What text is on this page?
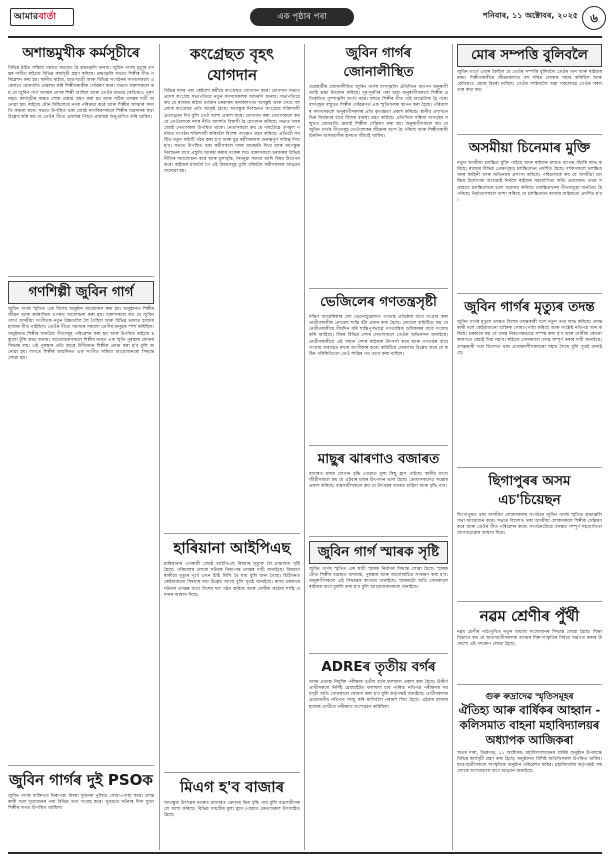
আমারবার্তা	এক পৃষ্ঠাৰ পৰা	শনিবাৰ, ১১ অক্টোবৰ, ২০২৫	৬
অশান্তমুখীক কৰ্মসূচীৰে

বিভিন্ন ঠাইত সন্ধিয়া সময়ত সমবেত হৈ শ্ৰদ্ধাঞ্জলি জনায়। জুবিন গাৰ্গৰ মৃত্যুৰ তদন্তৰ দাবীত ৰাইজে বিভিন্ন কাৰ্যসূচী গ্ৰহণ কৰিছে। শ্ৰদ্ধাঞ্জলি সভাত শিল্পীৰ গীত পৰিৱেশন কৰা হয়। স্থানীয় ৰাইজ, ছাত্ৰ-ছাত্ৰী আৰু বিভিন্ন সংগঠনৰ সদস্যসকলে একেলগে মোমবাতি প্ৰজ্বলন কৰি শিল্পীগৰাকীক সোঁৱৰণ কৰে। সভাত বক্তাসকলে কয় যে জুবিন গাৰ্গ অসমৰ প্ৰাণৰ শিল্পী আছিল আৰু তেওঁৰ অভাৱ কেতিয়াও পূৰণ নহয়। কাৰ্যসূচীৰ অন্তত শোক প্ৰস্তাৱ গ্ৰহণ কৰা হয় আৰু সঠিক তদন্তৰ দাবী জনোৱা হয়। ৰাইজে মৌন মিছিলেৰে নগৰ পৰিক্ৰমা কৰে আৰু শিল্পীৰ আত্মাৰ সদ্গতি কামনা কৰে। সভাত উপস্থিত থকা জ্যেষ্ঠ নাগৰিকসকলে শিল্পীৰ অৱদানৰ কথা উল্লেখ কৰি কয় যে তেওঁৰ গীতে প্ৰজন্মৰ পিছত প্ৰজন্মক অনুপ্ৰাণিত কৰি থাকিব।

গণশিল্পী জুবিন গাৰ্গ

জুবিন গাৰ্গৰ স্মৃতিত এক বিশেষ অনুষ্ঠান আয়োজন কৰা হয়। অনুষ্ঠানত শিল্পীৰ জীৱন আৰু কৰ্মৰাজিৰ ওপৰত আলোচনা কৰা হয়। বক্তাসকলে কয় যে জুবিন গাৰ্গে অসমীয়া সংগীতক নতুন উচ্চতালৈ লৈ গৈছিল আৰু বিভিন্ন ভাষাত হাজাৰ হাজাৰ গীত গাইছিল। তেওঁৰ গীতে সমাজৰ সকলো শ্ৰেণীৰ মানুহক স্পৰ্শ কৰিছিল। অনুষ্ঠানত শিল্পীৰ জনপ্ৰিয় গীতসমূহ পৰিৱেশন কৰা হয় আৰু উপস্থিত ৰাইজে চকুলো টুকি শ্ৰদ্ধা জনায়। আয়োজকসকলে শিল্পীৰ নামত এক স্মৃতি পুৰস্কাৰ প্ৰদানৰ সিদ্ধান্ত লয়। এই পুৰস্কাৰ প্ৰতি বছৰে উদীয়মান শিল্পীক প্ৰদান কৰা হ'ব বুলি জনোৱা হয়। লগতে শিল্পীৰ জন্মদিনত এক সংগীত সন্ধিয়া আয়োজনৰো সিদ্ধান্ত লোৱা হয়।

জুবিন গাৰ্গৰ দুই PSOক

জুবিন গাৰ্গৰ ব্যক্তিগত নিৰাপত্তা বিষয়া দুজনক পুলিচে সোধা-পোছা কৰে। তদন্তকাৰী দলে দুয়োজনৰ পৰা বিভিন্ন তথ্য সংগ্ৰহ কৰে। সূত্ৰমতে ঘটনাৰ দিনা দুয়ো শিল্পীৰ লগত উপস্থিত আছিল।

কংগ্ৰেছত বৃহৎ যোগদান

বিভিন্ন দলৰ পৰা কেইবাশ কৰ্মীয়ে কংগ্ৰেছত যোগদান কৰে। যোগদান সভাত প্ৰদেশ কংগ্ৰেছ সভাপতিয়ে নতুন সদস্যসকলক আদৰণি জনায়। সভাপতিয়ে কয় যে ৰাজ্যৰ ৰাইজ বৰ্তমান চৰকাৰৰ কাৰ্যকলাপত অসন্তুষ্ট আৰু সেয়ে বহু লোক কংগ্ৰেছৰ প্ৰতি আকৃষ্ট হৈছে। আগন্তুক নিৰ্বাচনত কংগ্ৰেছে শক্তিশালী প্ৰত্যাহ্বান দিব বুলি তেওঁ আশা প্ৰকাশ কৰে। যোগদান কৰা নেতাসকলে কয় যে তেওঁলোকে দলৰ নীতি আদৰ্শত বিশ্বাসী হৈ যোগদান কৰিছে। সভাত দলৰ জ্যেষ্ঠ নেতাসকল উপস্থিত থাকে। নেতাসকলে কয় যে দলটোৱে তৃণমূল পৰ্যায়ত সংগঠন শক্তিশালী কৰিবলৈ বিশেষ পদক্ষেপ গ্ৰহণ কৰিছে। প্ৰতিটো সমষ্টিত নতুন কমিটি গঠন কৰা হ'ব আৰু যুৱ কৰ্মীসকলক গুৰুত্বপূৰ্ণ দায়িত্ব দিয়া হ'ব। সভাত উপস্থিত থকা কৰ্মীসকলে দলৰ জয়ধ্বনি দিয়ে আৰু আগন্তুক নিৰ্বাচনৰ বাবে প্ৰস্তুতি আৰম্ভ কৰাৰ সংকল্প লয়। বক্তাসকলে চৰকাৰৰ বিভিন্ন নীতিৰ সমালোচনা কৰে আৰু মূল্যবৃদ্ধি, নিবনুৱা সমস্যা আদি বিষয় উত্থাপন কৰে। ৰাইজৰ মাজলৈ গৈ এই বিষয়সমূহ তুলি ধৰিবলৈ কৰ্মীসকলক আহ্বান জনোৱা হয়।

হাৰিয়ানা আইপিএছ

হাৰিয়ানাৰ এগৰাকী জ্যেষ্ঠ আইপিএছ বিষয়াৰ মৃত্যুক লৈ চাঞ্চল্যৰ সৃষ্টি হৈছে। পৰিয়ালৰ লোকে ঘটনাৰ নিৰপেক্ষ তদন্তৰ দাবী জনাইছে। বিষয়াগৰাকীয়ে মৃত্যুৰ পূৰ্বে এখন চিঠি লিখি থৈ যায় বুলি জনা গৈছে। চিঠিখনত কেইবাজনো বিষয়াৰ নাম উল্লেখ আছে বুলি সূত্ৰই জনাইছে। ৰাজ্য চৰকাৰে ঘটনাৰ তদন্তৰ বাবে বিশেষ দল গঠন কৰিছে আৰু দোষীক কঠোৰ শাস্তি প্ৰদানৰ আশ্বাস দিছে।

মিএগ হ'ব বাজাৰ

আগন্তুক উৎসৱৰ বতৰত বাজাৰত ক্ৰেতাৰ ভিৰ বৃদ্ধি পাব বুলি ব্যৱসায়ীসকলে আশা কৰিছে। বিভিন্ন সামগ্ৰীৰ মূল্য হ্ৰাস পোৱাত ক্ৰেতাসকল উৎসাহিত হৈছে।

জুবিন গাৰ্গৰ জোনালীস্থিত

গুৱাহাটীৰ জোনালীস্থিত জুবিন গাৰ্গৰ বাসগৃহলৈ প্ৰতিদিনে অগণন অনুৰাগী আহি শ্ৰদ্ধা নিবেদন কৰিছে। দূৰ-দূৰণিৰ পৰা অহা অনুৰাগীসকলে শিল্পীৰ প্ৰতিকৃতিত পুষ্পাঞ্জলি অৰ্পণ কৰে। বহুতে শিল্পীৰ গীত গাই আৱেগিক হৈ পৰে। বাসগৃহৰ সন্মুখত শিল্পীৰ সোঁৱৰণত এক স্মৃতিফলক স্থাপন কৰা হৈছে। পৰিয়ালৰ সদস্যসকলে অনুৰাগীসকলৰ প্ৰতি কৃতজ্ঞতা প্ৰকাশ কৰিছে। স্থানীয় প্ৰশাসনে ভিৰ নিয়ন্ত্ৰণৰ বাবে বিশেষ ব্যৱস্থা গ্ৰহণ কৰিছে। প্ৰতিদিনে সন্ধিয়া বাসগৃহৰ সন্মুখত মোমবাতি জ্বলাই শিল্পীক সোঁৱৰণ কৰা হয়। অনুৰাগীসকলে কয় যে জুবিন গাৰ্গৰ গীতসমূহ তেওঁলোকৰ জীৱনৰ অংশ হৈ পৰিছে আৰু শিল্পীগৰাকী চিৰদিন অসমবাসীৰ হৃদয়ত জীয়াই থাকিব।

ভেজিলেৰ গণতন্ত্ৰসৃষ্টী

দক্ষিণ আমেৰিকাৰ দেশ ভেনেজুৱেলাত গণতন্ত্ৰ প্ৰতিষ্ঠাৰ বাবে সংগ্ৰাম কৰা নেত্ৰীগৰাকীক নোবেল শান্তি বঁটা প্ৰদান কৰা হৈছে। নোবেল কমিটিয়ে কয় যে নেত্ৰীগৰাকীয়ে দীৰ্ঘদিন ধৰি শান্তিপূৰ্ণভাৱে গণতান্ত্ৰিক অধিকাৰৰ বাবে সংগ্ৰাম কৰি আহিছে। বিশ্বৰ বিভিন্ন দেশৰ নেতাসকলে তেওঁক অভিনন্দন জনাইছে। নেত্ৰীগৰাকীয়ে এই সন্মান দেশৰ ৰাইজক উৎসৰ্গা কৰে আৰু গণতন্ত্ৰৰ বাবে সংগ্ৰাম অব্যাহত ৰখাৰ অংগীকাৰ কৰে। কমিটিয়ে ঘোষণাত উল্লেখ কৰে যে কঠিন পৰিস্থিতিতো তেওঁ শান্তিৰ পথ ত্যাগ কৰা নাছিল।

মাছুৰ ঝাৰণাও বজাৰত

বজাৰত মাছৰ যোগান বৃদ্ধি পোৱাত মূল্য কিছু হ্ৰাস পাইছে। স্থানীয় মৎস্যজীৱীসকলে কয় যে এইবাৰ মাছৰ উৎপাদন ভাল হৈছে। ক্ৰেতাসকলেও সন্তোষ প্ৰকাশ কৰিছে। ব্যৱসায়ীসকলে কয় যে উৎসৱৰ বতৰত চাহিদা আৰু বৃদ্ধি পাব।

জুবিন গাৰ্গ স্মাৰক সৃষ্টি

জুবিন গাৰ্গৰ স্মৃতিত এক স্থায়ী স্মাৰক নিৰ্মাণৰ সিদ্ধান্ত লোৱা হৈছে। স্মাৰকটোত শিল্পীৰ ব্যৱহৃত বাদ্যযন্ত্ৰ, পুৰস্কাৰ আৰু আলোকচিত্ৰ সংৰক্ষণ কৰা হ'ব। অনুৰাগীসকলে এই সিদ্ধান্তক স্বাগতম জনাইছে। স্মাৰকটো অতি সোনকালে ৰাইজৰ বাবে মুকলি কৰা হ'ব বুলি আয়োজকসকলে জনাইছে।

ADREৰ তৃতীয় বৰ্গৰ

অসম প্ৰত্যক্ষ নিযুক্তি পৰীক্ষাৰ তৃতীয় বৰ্গৰ ফলাফল প্ৰকাশ কৰা হৈছে। উত্তীৰ্ণ প্ৰাৰ্থীসকলে নিৰ্দিষ্ট ৱেবছাইটত ফলাফল চাব পাৰিব। নথিপত্ৰ পৰীক্ষণৰ সময়সূচী অতি সোনকালে ঘোষণা কৰা হ'ব বুলি কৰ্তৃপক্ষই জনাইছে। প্ৰাৰ্থীসকলক প্ৰয়োজনীয় নথিপত্ৰ সাজু কৰি ৰাখিবলৈ পৰামৰ্শ দিয়া হৈছে। এইবাৰ হাজাৰ হাজাৰ প্ৰাৰ্থীয়ে পৰীক্ষাত অংশগ্ৰহণ কৰিছিল।

মোৰ সম্পত্তি বুলিবলৈ

জুবিন গাৰ্গে এবাৰ কৈছিল যে তেওঁৰ সম্পত্তি বুলিবলৈ তেওঁৰ গান আৰু ৰাইজৰ মৰম। শিল্পীগৰাকীয়ে জীৱনকালত বহু দৰিদ্ৰ লোকক সহায় কৰিছিল আৰু কেতিয়াও প্ৰচাৰ বিচৰা নাছিল। তেওঁৰ সান্নিধ্যলৈ অহা সকলোৱে তেওঁৰ সৰলতাৰ কথা কয়।

অসমীয়া চিনেমাৰ মুক্তি

নতুন অসমীয়া চলচ্চিত্ৰ মুক্তি পাইছে আৰু ৰাইজৰ মাজত ব্যাপক সঁহাৰি লাভ কৰিছে। ৰাজ্যৰ বিভিন্ন প্ৰেক্ষাগৃহত চলচ্চিত্ৰখন প্ৰদৰ্শিত হৈছে। দৰ্শকসকলে চলচ্চিত্ৰখনৰ কাহিনী আৰু অভিনয়ৰ প্ৰশংসা কৰিছে। পৰিচালকে কয় যে অসমীয়া চলচ্চিত্ৰ উদ্যোগক আগুৱাই নিবলৈ ৰাইজৰ সহযোগিতা অতি প্ৰয়োজন। প্ৰথম সপ্তাহতে চলচ্চিত্ৰখনে ভাল ব্যৱসায় কৰিছে। চলচ্চিত্ৰখনৰ গীতসমূহো জনপ্ৰিয় হৈ পৰিছে। নিৰ্মাতাসকলে আশা কৰিছে যে চলচ্চিত্ৰখন ৰাজ্যৰ বাহিৰতো প্ৰদৰ্শিত হ'ব।

জুবিন গাৰ্গৰ মৃত্যুৰ তদন্ত

জুবিন গাৰ্গৰ মৃত্যুৰ তদন্তত বিশেষ তদন্তকাৰী দলে নতুন তথ্য লাভ কৰিছে। তদন্তকাৰী দলে কেইবাজনো ব্যক্তিক সোধা-পোছা কৰিছে আৰু সংশ্লিষ্ট নথিপত্ৰ জব্দ কৰিছে। চৰকাৰে কয় যে তদন্ত নিৰপেক্ষভাৱে সম্পন্ন কৰা হ'ব আৰু দোষীক কোনো কাৰণতে ৰেহাই দিয়া নহ'ব। ৰাইজে সোনকালে তদন্ত সম্পূৰ্ণ কৰাৰ দাবী জনাইছে। তদন্তকাৰী দলে বিদেশত থকা প্ৰত্যক্ষদৰ্শীসকলৰো সহায় লৈছে বুলি সূত্ৰই জনাইছে।

ছিগাপুৰৰ অসম এচ'চিয়েছন

ছিংগাপুৰত থকা অসমীয়া লোকসকলৰ সংগঠনে জুবিন গাৰ্গৰ স্মৃতিত শ্ৰদ্ধাঞ্জলি সভা আয়োজন কৰে। সভাত বিদেশত থকা অসমীয়া লোকসকলে শিল্পীক সোঁৱৰণ কৰে আৰু তেওঁৰ গীত পৰিৱেশন কৰে। সংগঠনটোৱে তদন্তত সম্পূৰ্ণ সহযোগিতা আগবঢ়োৱাৰ আশ্বাস দিয়ে।

নৱম শ্ৰেণীৰ পুঁৰ্থী

নৱম শ্ৰেণীৰ পাঠ্যপুথিত নতুন অধ্যায় সংযোজনৰ সিদ্ধান্ত লোৱা হৈছে। শিক্ষা বিভাগে কয় যে ছাত্ৰ-ছাত্ৰীসকলক অসমৰ শিল্প-সংস্কৃতিৰ বিষয়ে অৱগত কৰাৰ উদ্দেশ্যে এই পদক্ষেপ লোৱা হৈছে।

গুৰু ৰুদ্ৰাদেৱ স্মৃতিসমূহৰ
ঐতিহ্য আৰু বাৰ্ষিকৰ আহ্বান - কলিসমাত বাহনা মহাবিদ্যালয়ৰ অধ্যাপক আজিকৰা

অতম দাৰা, ডিব্ৰুগড়, ১১ অক্টোবৰ: মহাবিদ্যালয়খনৰ বাৰ্ষিক অনুষ্ঠান উপলক্ষে বিভিন্ন কাৰ্যসূচী গ্ৰহণ কৰা হৈছে। অনুষ্ঠানত বিশিষ্ট অতিথিসকল উপস্থিত থাকিব। ছাত্ৰ-ছাত্ৰীসকলে সাংস্কৃতিক অনুষ্ঠান পৰিৱেশন কৰিব। মহাবিদ্যালয় কৰ্তৃপক্ষই সকলোকে অংশগ্ৰহণৰ বাবে আহ্বান জনাইছে।
